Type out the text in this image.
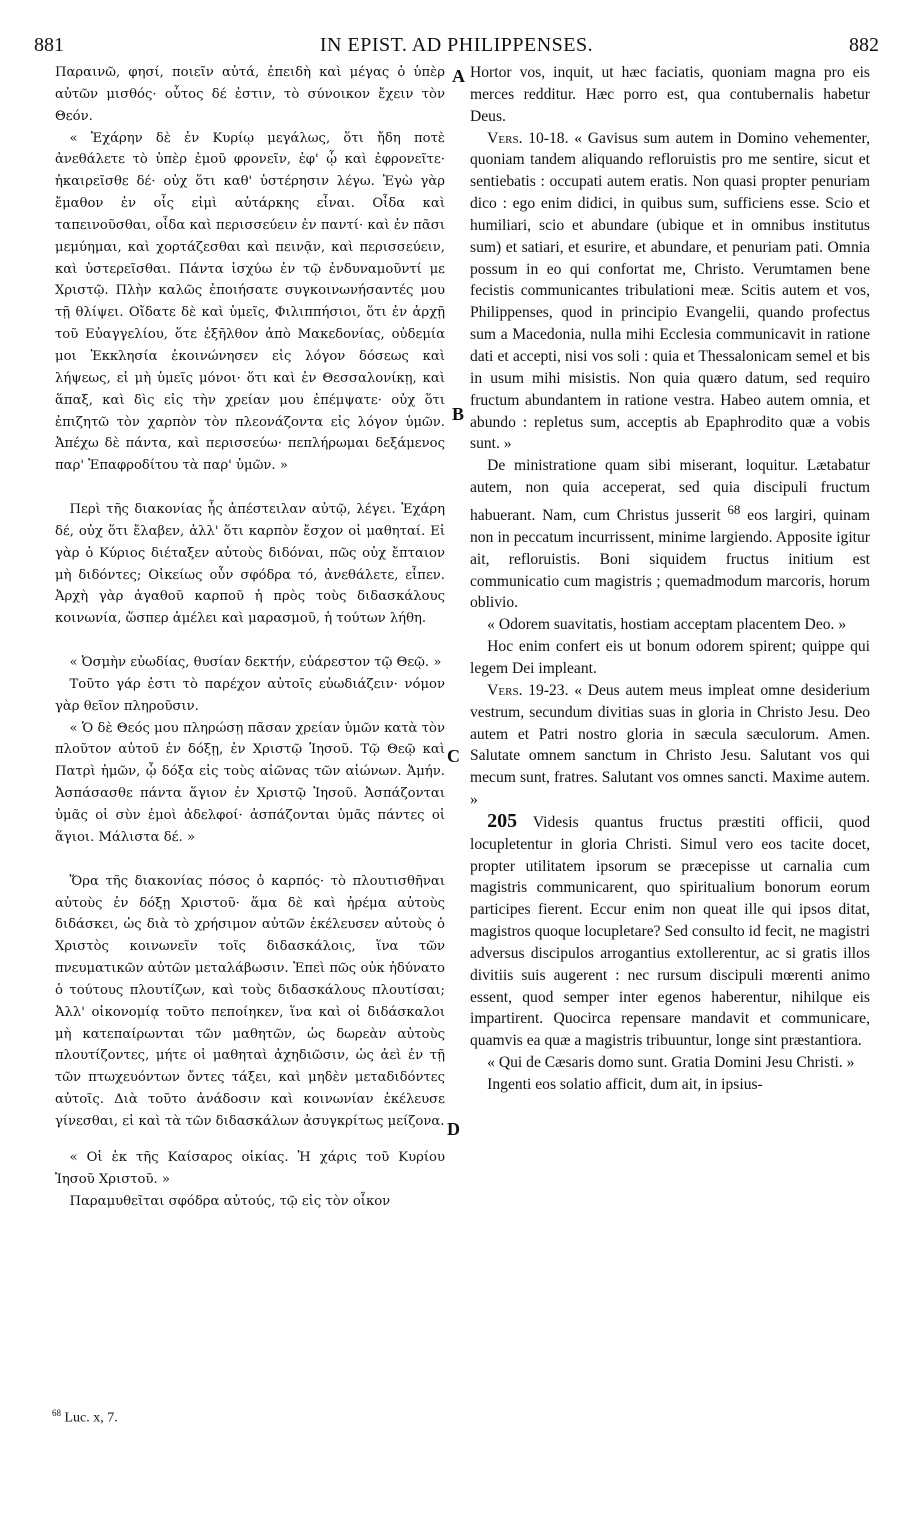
881	IN EPIST. AD PHILIPPENSES.	882

Παραινῶ, φησί, ποιεῖν αὐτά, ἐπειδὴ καὶ μέγας ὁ ὑπὲρ αὐτῶν μισθός· οὗτος δέ ἐστιν, τὸ σύνοικον ἔχειν τὸν Θεόν.

« Ἐχάρην δὲ ἐν Κυρίῳ μεγάλως, ὅτι ἤδη ποτὲ ἀνεθάλετε τὸ ὑπὲρ ἐμοῦ φρονεῖν, ἐφ' ᾧ καὶ ἐφρονεῖτε· ἠκαιρεῖσθε δέ· οὐχ ὅτι καθ' ὑστέρησιν λέγω. Ἐγὼ γὰρ ἔμαθον ἐν οἷς εἰμὶ αὐτάρκης εἶναι. Οἶδα καὶ ταπεινοῦσθαι, οἶδα καὶ περισσεύειν ἐν παντί· καὶ ἐν πᾶσι μεμύημαι, καὶ χορτάζεσθαι καὶ πεινᾷν, καὶ περισσεύειν, καὶ ὑστερεῖσθαι. Πάντα ἰσχύω ἐν τῷ ἐνδυναμοῦντί με Χριστῷ. Πλὴν καλῶς ἐποιήσατε συγκοινωνήσαντές μου τῇ θλίψει. Οἴδατε δὲ καὶ ὑμεῖς, Φιλιππήσιοι, ὅτι ἐν ἀρχῇ τοῦ Εὐαγγελίου, ὅτε ἐξῆλθον ἀπὸ Μακεδονίας, οὐδεμία μοι Ἐκκλησία ἐκοινώνησεν εἰς λόγον δόσεως καὶ λήψεως, εἰ μὴ ὑμεῖς μόνοι· ὅτι καὶ ἐν Θεσσαλονίκῃ, καὶ ἅπαξ, καὶ δὶς εἰς τὴν χρείαν μου ἐπέμψατε· οὐχ ὅτι ἐπιζητῶ τὸν χαρπὸν τὸν πλεονάζοντα εἰς λόγον ὑμῶν. Ἀπέχω δὲ πάντα, καὶ περισσεύω· πεπλήρωμαι δεξάμενος παρ' Ἐπαφροδίτου τὰ παρ' ὑμῶν. »

Περὶ τῆς διακονίας ἧς ἀπέστειλαν αὐτῷ, λέγει. Ἐχάρη δέ, οὐχ ὅτι ἔλαβεν, ἀλλ' ὅτι καρπὸν ἔσχον οἱ μαθηταί. Εἰ γὰρ ὁ Κύριος διέταξεν αὐτοὺς διδόναι, πῶς οὐχ ἔπταιον μὴ διδόντες; Οἰκείως οὖν σφόδρα τό, ἀνεθάλετε, εἶπεν. Ἀρχὴ γὰρ ἀγαθοῦ καρποῦ ἡ πρὸς τοὺς διδασκάλους κοινωνία, ὥσπερ ἀμέλει καὶ μαρασμοῦ, ἡ τούτων λήθη.

« Ὀσμὴν εὐωδίας, θυσίαν δεκτήν, εὐάρεστον τῷ Θεῷ. »

Τοῦτο γάρ ἐστι τὸ παρέχον αὐτοῖς εὐωδιάζειν· νόμον γὰρ θεῖον πληροῦσιν.

« Ὁ δὲ Θεός μου πληρώσῃ πᾶσαν χρείαν ὑμῶν κατὰ τὸν πλοῦτον αὐτοῦ ἐν δόξῃ, ἐν Χριστῷ Ἰησοῦ. Τῷ Θεῷ καὶ Πατρὶ ἡμῶν, ᾧ δόξα εἰς τοὺς αἰῶνας τῶν αἰώνων. Ἀμήν. Ἀσπάσασθε πάντα ἅγιον ἐν Χριστῷ Ἰησοῦ. Ἀσπάζονται ὑμᾶς οἱ σὺν ἐμοὶ ἀδελφοί· ἀσπάζονται ὑμᾶς πάντες οἱ ἅγιοι. Μάλιστα δέ. »

Ὅρα τῆς διακονίας πόσος ὁ καρπός· τὸ πλουτισθῆναι αὐτοὺς ἐν δόξῃ Χριστοῦ· ἅμα δὲ καὶ ἠρέμα αὐτοὺς διδάσκει, ὡς διὰ τὸ χρήσιμον αὐτῶν ἐκέλευσεν αὐτοὺς ὁ Χριστὸς κοινωνεῖν τοῖς διδασκάλοις, ἵνα τῶν πνευματικῶν αὐτῶν μεταλάβωσιν. Ἐπεὶ πῶς οὐκ ἠδύνατο ὁ τούτους πλουτίζων, καὶ τοὺς διδασκάλους πλουτίσαι; Ἀλλ' οἰκονομίᾳ τοῦτο πεποίηκεν, ἵνα καὶ οἱ διδάσκαλοι μὴ κατεπαίρωνται τῶν μαθητῶν, ὡς δωρεὰν αὐτοὺς πλουτίζοντες, μήτε οἱ μαθηταὶ ἀχηδιῶσιν, ὡς ἀεὶ ἐν τῇ τῶν πτωχευόντων ὄντες τάξει, καὶ μηδὲν μεταδιδόντες αὐτοῖς. Διὰ τοῦτο ἀνάδοσιν καὶ κοινωνίαν ἐκέλευσε γίνεσθαι, εἰ καὶ τὰ τῶν διδασκάλων ἀσυγκρίτως μείζονα.

« Οἱ ἐκ τῆς Καίσαρος οἰκίας. Ἡ χάρις τοῦ Κυρίου Ἰησοῦ Χριστοῦ. »

Παραμυθεῖται σφόδρα αὐτούς, τῷ εἰς τὸν οἶκον

Hortor vos, inquit, ut hæc faciatis, quoniam magna pro eis merces redditur. Hæc porro est, qua contubernalis habetur Deus.

Vers. 10-18. « Gavisus sum autem in Domino vehementer, quoniam tandem aliquando refloruistis pro me sentire, sicut et sentiebatis : occupati autem eratis. Non quasi propter penuriam dico : ego enim didici, in quibus sum, sufficiens esse. Scio et humiliari, scio et abundare (ubique et in omnibus institutus sum) et satiari, et esurire, et abundare, et penuriam pati. Omnia possum in eo qui confortat me, Christo. Verumtamen bene fecistis communicantes tribulationi meæ. Scitis autem et vos, Philippenses, quod in principio Evangelii, quando profectus sum a Macedonia, nulla mihi Ecclesia communicavit in ratione dati et accepti, nisi vos soli : quia et Thessalonicam semel et bis in usum mihi misistis. Non quia quæro datum, sed requiro fructum abundantem in ratione vestra. Habeo autem omnia, et abundo : repletus sum, acceptis ab Epaphrodito quæ a vobis sunt. »

De ministratione quam sibi miserant, loquitur. Lætabatur autem, non quia acceperat, sed quia discipuli fructum habuerant. Nam, cum Christus jusserit $^{68}$ eos largiri, quinam non in peccatum incurrissent, minime largiendo. Apposite igitur ait, refloruistis. Boni siquidem fructus initium est communicatio cum magistris ; quemadmodum marcoris, horum oblivio.

« Odorem suavitatis, hostiam acceptam placentem Deo. »

Hoc enim confert eis ut bonum odorem spirent; quippe qui legem Dei impleant.

Vers. 19-23. « Deus autem meus impleat omne desiderium vestrum, secundum divitias suas in gloria in Christo Jesu. Deo autem et Patri nostro gloria in sæcula sæculorum. Amen. Salutate omnem sanctum in Christo Jesu. Salutant vos qui mecum sunt, fratres. Salutant vos omnes sancti. Maxime autem. »

205 Videsis quantus fructus præstiti officii, quod locupletentur in gloria Christi. Simul vero eos tacite docet, propter utilitatem ipsorum se præcepisse ut carnalia cum magistris communicarent, quo spiritualium bonorum eorum participes fierent. Eccur enim non queat ille qui ipsos ditat, magistros quoque locupletare? Sed consulto id fecit, ne magistri adversus discipulos arrogantius extollerentur, ac si gratis illos divitiis suis augerent : nec rursum discipuli mœrenti animo essent, quod semper inter egenos haberentur, nihilque eis impartirent. Quocirca repensare mandavit et communicare, quamvis ea quæ a magistris tribuuntur, longe sint præstantiora.

« Qui de Cæsaris domo sunt. Gratia Domini Jesu Christi. »

Ingenti eos solatio afficit, dum ait, in ipsius-

A
B
C
D
$^{68}$ Luc. x, 7.
